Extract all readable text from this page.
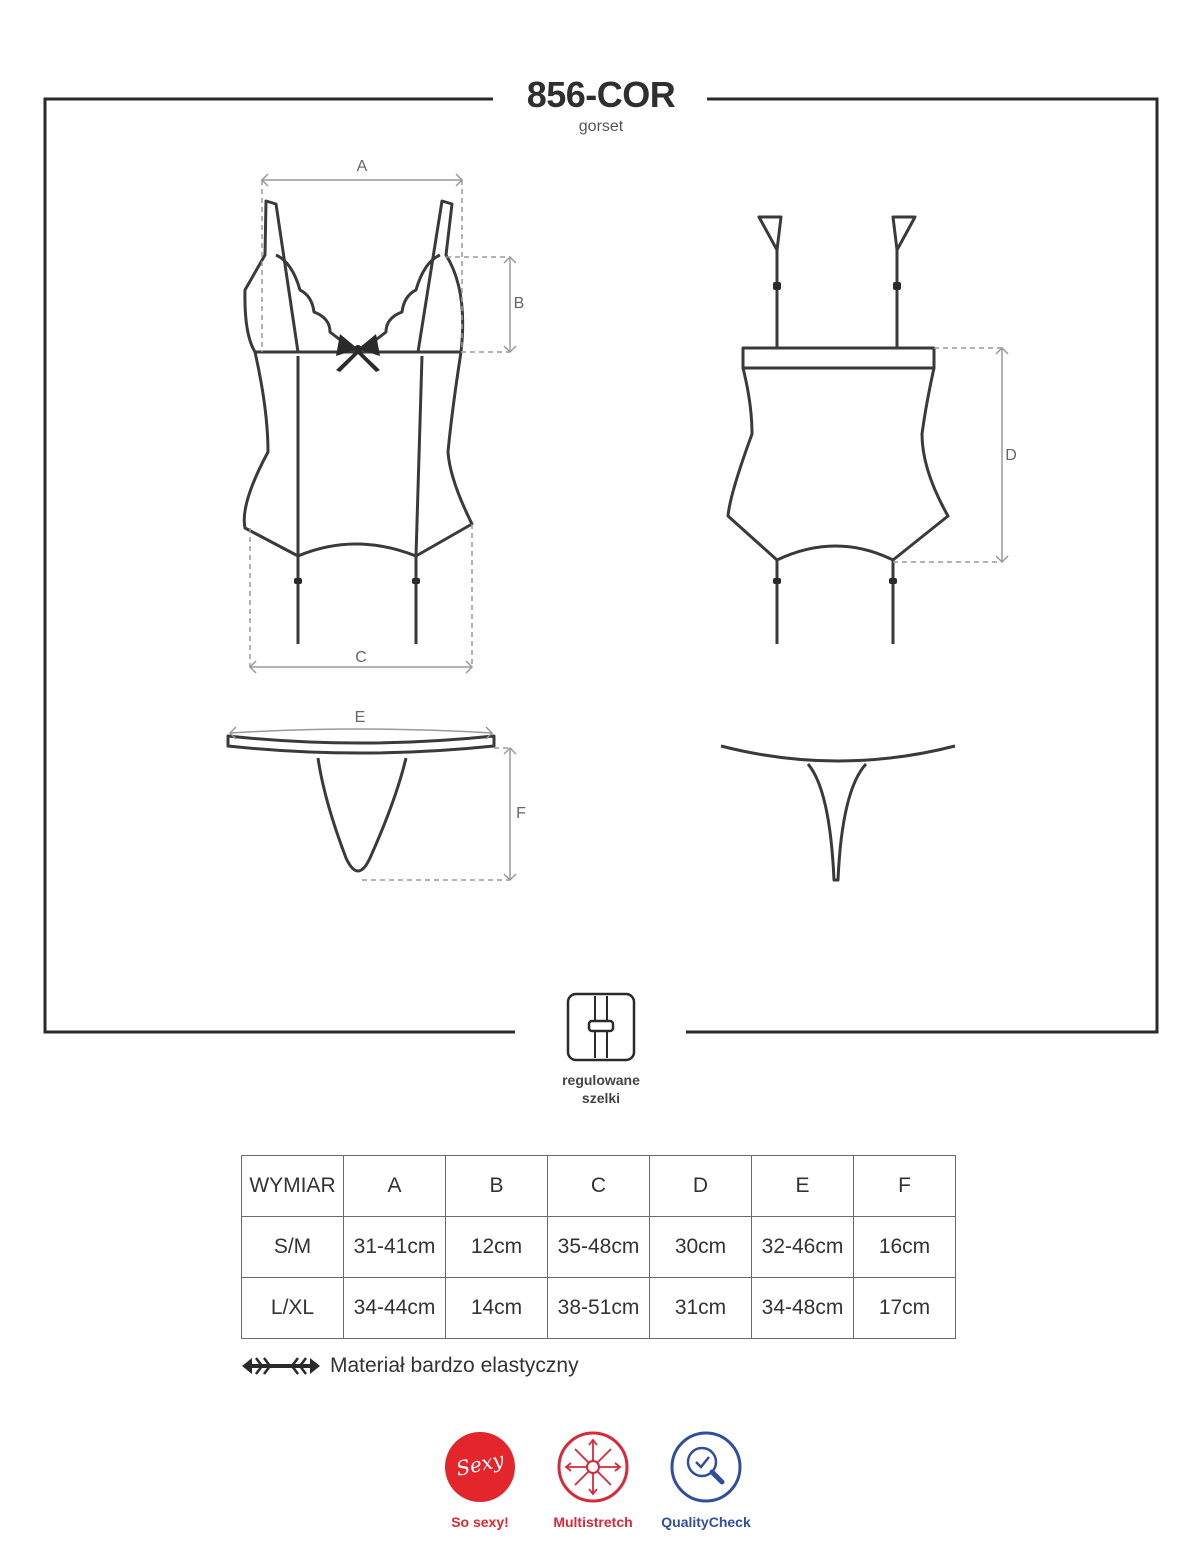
856-COR
gorset
A
B
C
D
E
F
regulowane
szelki
WYMIAR	A	B	C	D	E	F
S/M	31-41cm	12cm	35-48cm	30cm	32-46cm	16cm
L/XL	34-44cm	14cm	38-51cm	31cm	34-48cm	17cm
Materiał bardzo elastyczny
Sexy
So sexy!	Multistretch	QualityCheck
